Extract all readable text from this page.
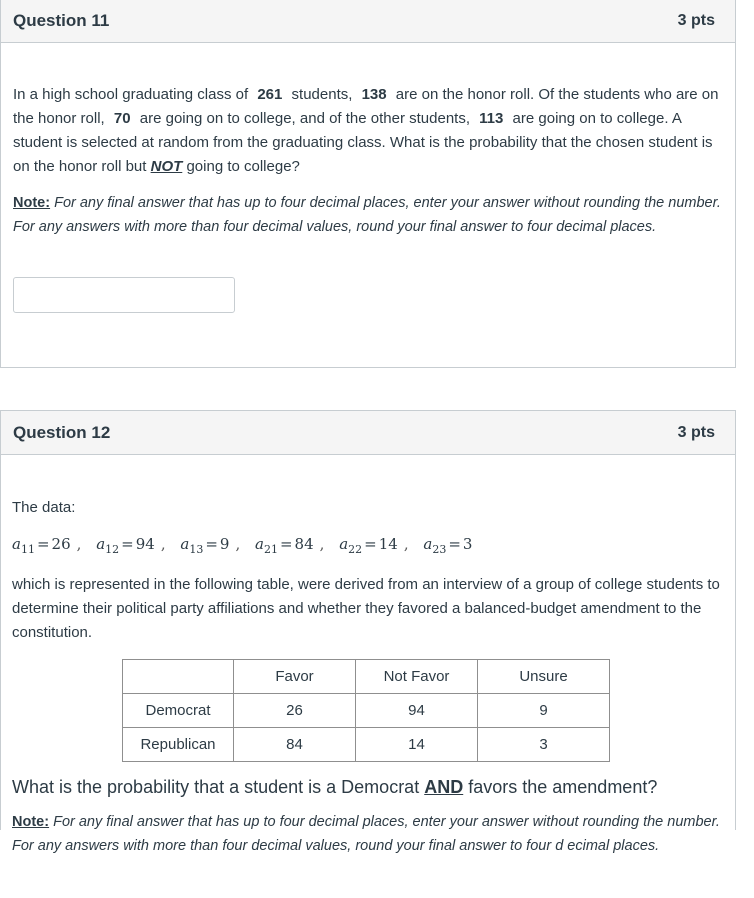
Question 11	3 pts

In a high school graduating class of 261 students, 138 are on the honor roll. Of the students who are on the honor roll, 70 are going on to college, and of the other students, 113 are going on to college. A student is selected at random from the graduating class. What is the probability that the chosen student is on the honor roll but NOT going to college?

Note: For any final answer that has up to four decimal places, enter your answer without rounding the number. For any answers with more than four decimal values, round your final answer to four decimal places.

Question 12	3 pts

The data:

$a_{11} = 26$ , $a_{12} = 94$ , $a_{13} = 9$ , $a_{21} = 84$ , $a_{22} = 14$ , $a_{23} = 3$

which is represented in the following table, were derived from an interview of a group of college students to determine their political party affiliations and whether they favored a balanced-budget amendment to the constitution.

	Favor	Not Favor	Unsure
Democrat	26	94	9
Republican	84	14	3

What is the probability that a student is a Democrat AND favors the amendment?

Note: For any final answer that has up to four decimal places, enter your answer without rounding the number. For any answers with more than four decimal values, round your final answer to four d ecimal places.
